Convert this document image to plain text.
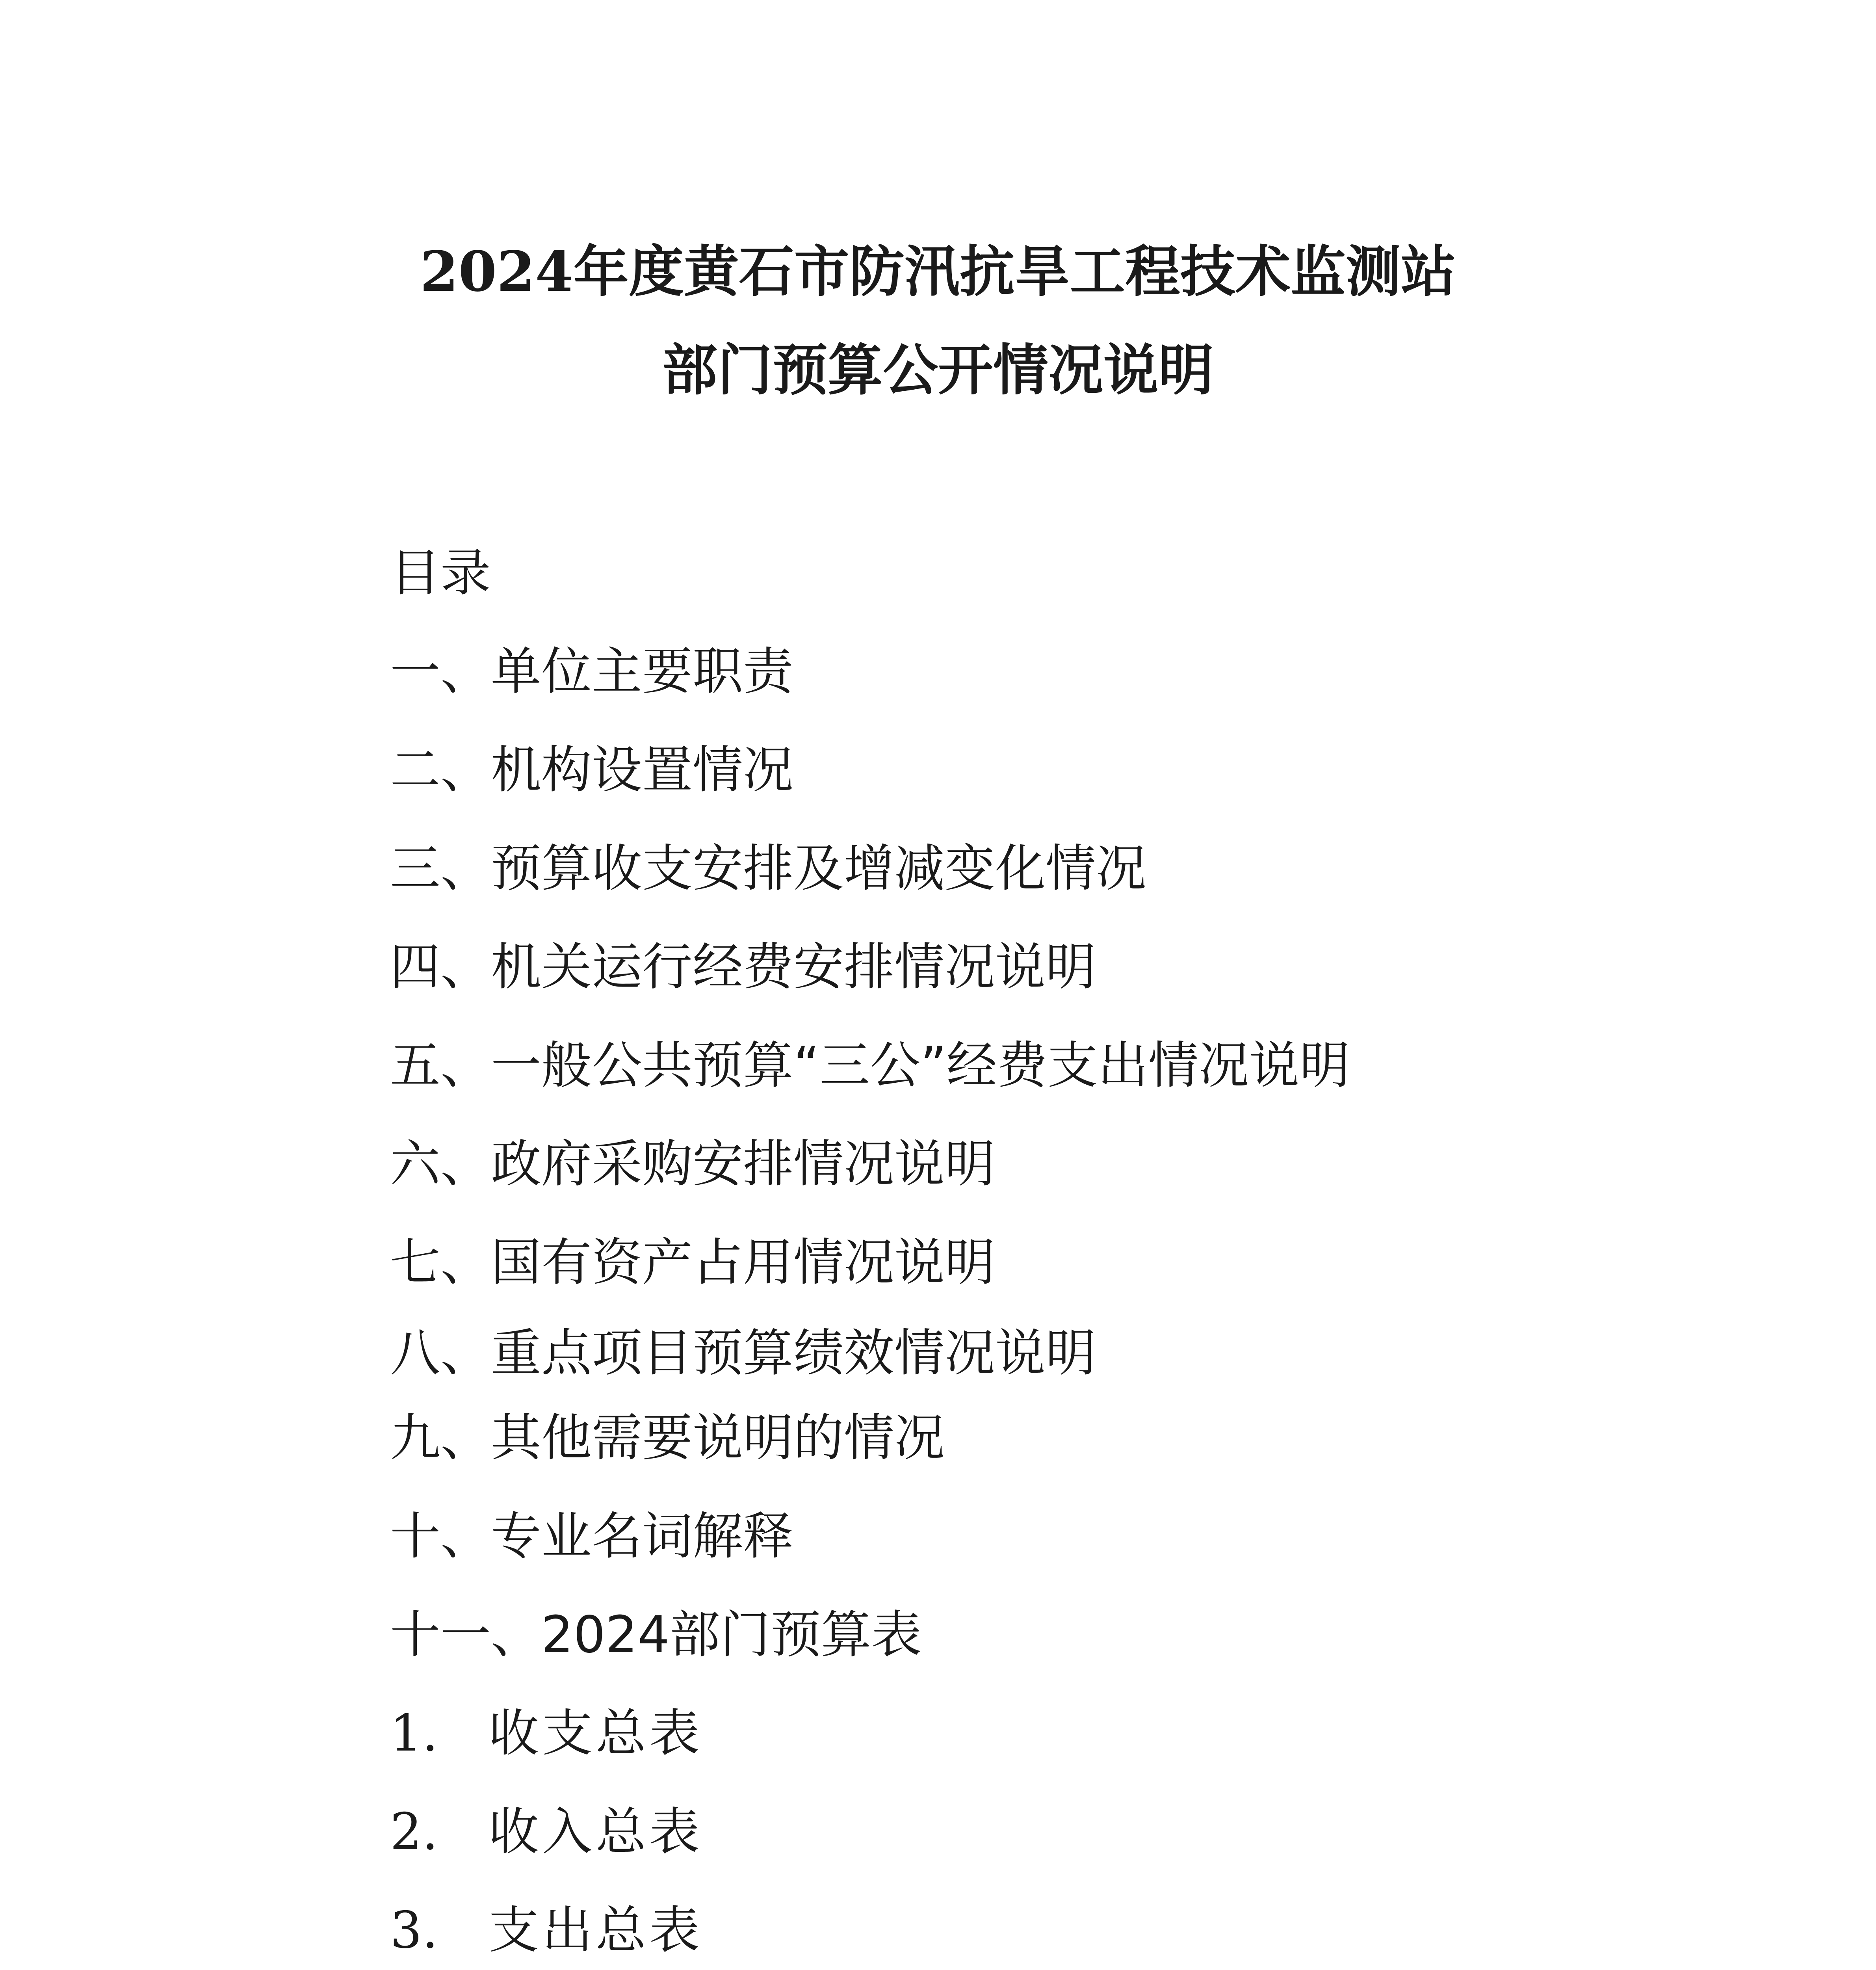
2024年度黄石市防汛抗旱工程技术监测站
部门预算公开情况说明
目录
一、单位主要职责
二、机构设置情况
三、预算收支安排及增减变化情况
四、机关运行经费安排情况说明
五、一般公共预算“三公”经费支出情况说明
六、政府采购安排情况说明
七、国有资产占用情况说明
八、重点项目预算绩效情况说明
九、其他需要说明的情况
十、专业名词解释
十一、2024部门预算表
1. 收支总表
2. 收入总表
3. 支出总表
